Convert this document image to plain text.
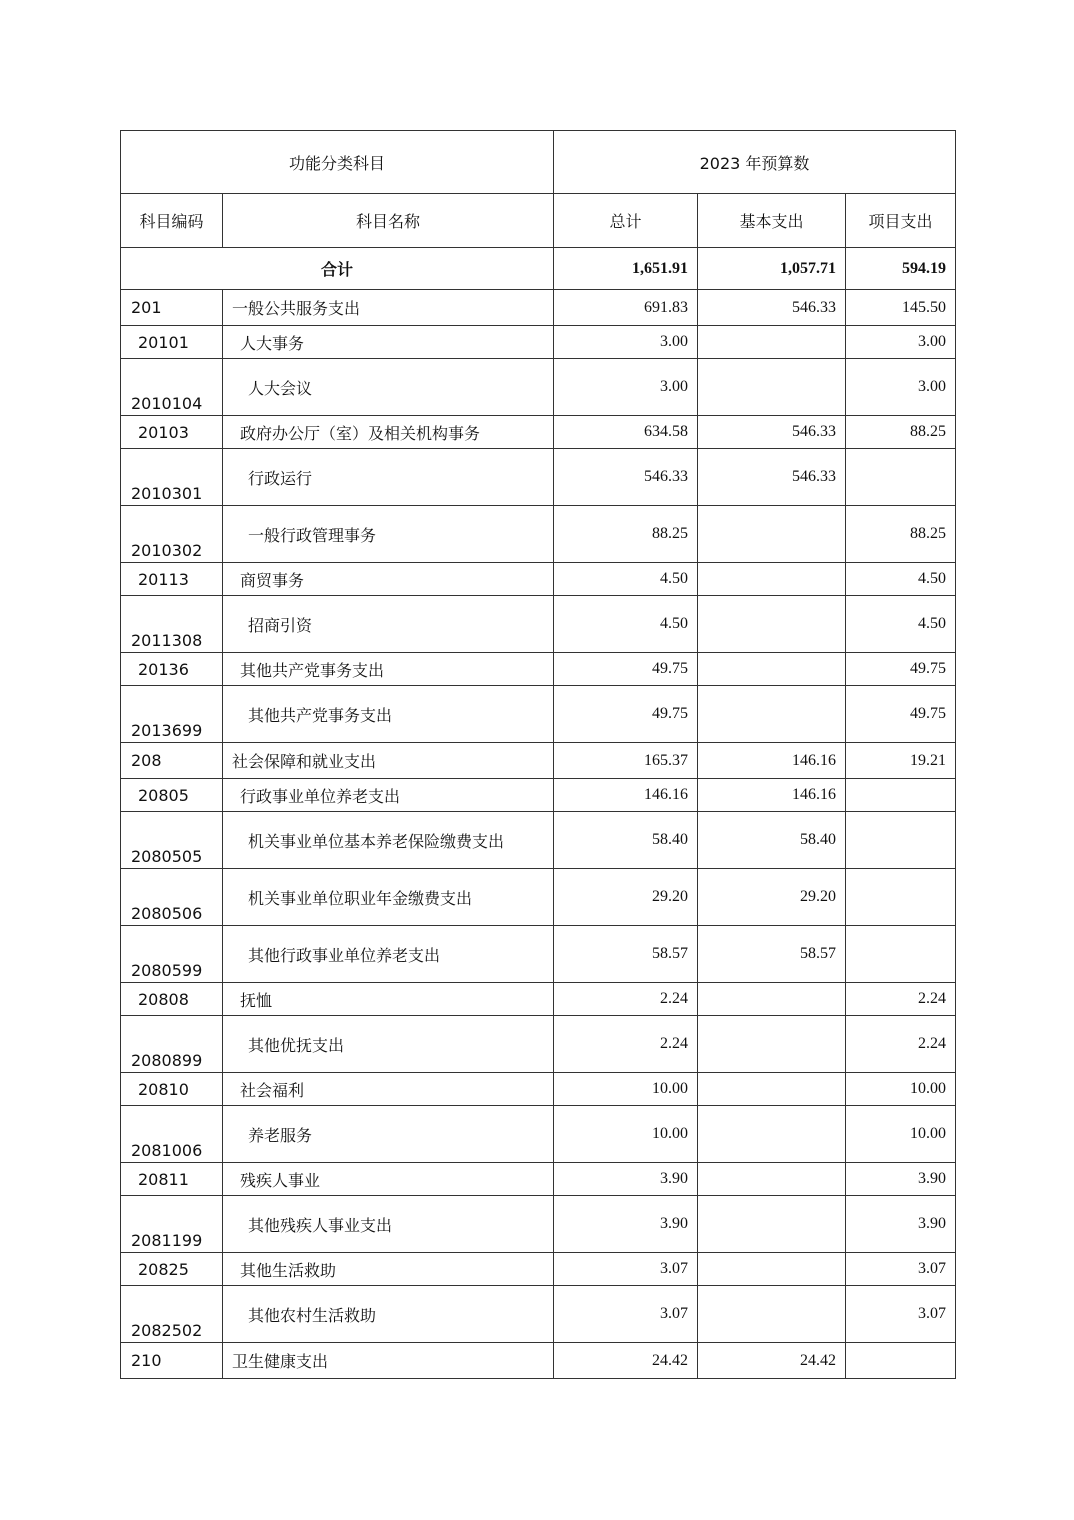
功能分类科目		2023 年预算数		
科目编码	科目名称	总计	基本支出	项目支出
合计		1,651.91	1,057.71	594.19
201	一般公共服务支出	691.83	546.33	145.50
20101	人大事务	3.00		3.00
2010104	人大会议	3.00		3.00
20103	政府办公厅（室）及相关机构事务	634.58	546.33	88.25
2010301	行政运行	546.33	546.33	
2010302	一般行政管理事务	88.25		88.25
20113	商贸事务	4.50		4.50
2011308	招商引资	4.50		4.50
20136	其他共产党事务支出	49.75		49.75
2013699	其他共产党事务支出	49.75		49.75
208	社会保障和就业支出	165.37	146.16	19.21
20805	行政事业单位养老支出	146.16	146.16	
2080505	机关事业单位基本养老保险缴费支出	58.40	58.40	
2080506	机关事业单位职业年金缴费支出	29.20	29.20	
2080599	其他行政事业单位养老支出	58.57	58.57	
20808	抚恤	2.24		2.24
2080899	其他优抚支出	2.24		2.24
20810	社会福利	10.00		10.00
2081006	养老服务	10.00		10.00
20811	残疾人事业	3.90		3.90
2081199	其他残疾人事业支出	3.90		3.90
20825	其他生活救助	3.07		3.07
2082502	其他农村生活救助	3.07		3.07
210	卫生健康支出	24.42	24.42	
